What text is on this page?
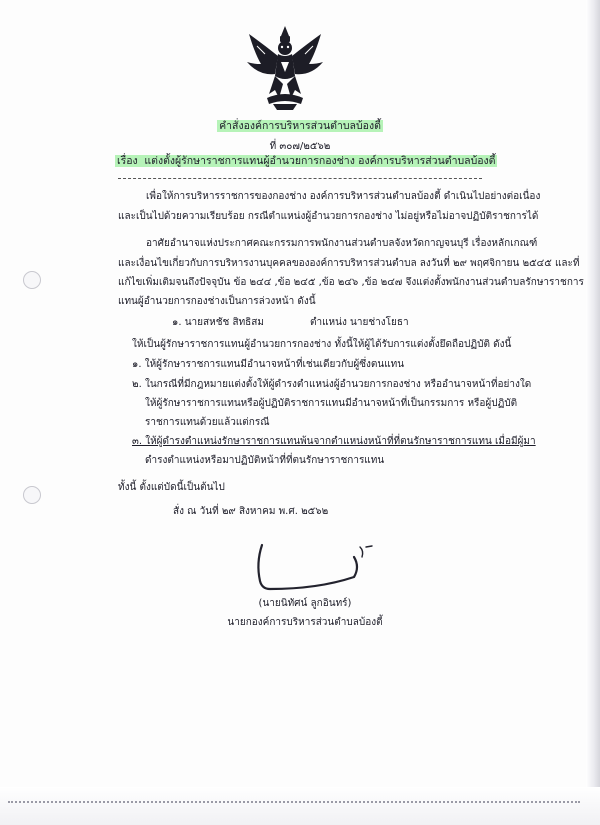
คำสั่งองค์การบริหารส่วนตำบลบ้องตี้
ที่ ๓๐๗/๒๕๖๒
เรื่อง แต่งตั้งผู้รักษาราชการแทนผู้อำนวยการกองช่าง องค์การบริหารส่วนตำบลบ้องตี้
เพื่อให้การบริหารราชการของกองช่าง องค์การบริหารส่วนตำบลบ้องตี้ ดำเนินไปอย่างต่อเนื่อง
และเป็นไปด้วยความเรียบร้อย กรณีตำแหน่งผู้อำนวยการกองช่าง ไม่อยู่หรือไม่อาจปฏิบัติราชการได้
อาศัยอำนาจแห่งประกาศคณะกรรมการพนักงานส่วนตำบลจังหวัดกาญจนบุรี เรื่องหลักเกณฑ์
และเงื่อนไขเกี่ยวกับการบริหารงานบุคคลขององค์การบริหารส่วนตำบล ลงวันที่ ๒๙ พฤศจิกายน ๒๕๔๕ และที่
แก้ไขเพิ่มเติมจนถึงปัจจุบัน ข้อ ๒๔๔ ,ข้อ ๒๔๕ ,ข้อ ๒๔๖ ,ข้อ ๒๔๗ จึงแต่งตั้งพนักงานส่วนตำบลรักษาราชการ
แทนผู้อำนวยการกองช่างเป็นการล่วงหน้า ดังนี้
๑. นายสหชัช สิทธิสม	ตำแหน่ง นายช่างโยธา
ให้เป็นผู้รักษาราชการแทนผู้อำนวยการกองช่าง ทั้งนี้ให้ผู้ได้รับการแต่งตั้งยึดถือปฏิบัติ ดังนี้
๑. ให้ผู้รักษาราชการแทนมีอำนาจหน้าที่เช่นเดียวกับผู้ซึ่งตนแทน
๒. ในกรณีที่มีกฎหมายแต่งตั้งให้ผู้ดำรงตำแหน่งผู้อำนวยการกองช่าง หรืออำนาจหน้าที่อย่างใด
ให้ผู้รักษาราชการแทนหรือผู้ปฏิบัติราชการแทนมีอำนาจหน้าที่เป็นกรรมการ หรือผู้ปฏิบัติ
ราชการแทนด้วยแล้วแต่กรณี
๓. ให้ผู้ดำรงตำแหน่งรักษาราชการแทนพ้นจากตำแหน่งหน้าที่ที่ตนรักษาราชการแทน เมื่อมีผู้มา
ดำรงตำแหน่งหรือมาปฏิบัติหน้าที่ที่ตนรักษาราชการแทน
ทั้งนี้ ตั้งแต่บัดนี้เป็นต้นไป
สั่ง ณ วันที่ ๒๙ สิงหาคม พ.ศ. ๒๕๖๒
(นายนิทัศน์ ลูกอินทร์)
นายกองค์การบริหารส่วนตำบลบ้องตี้
